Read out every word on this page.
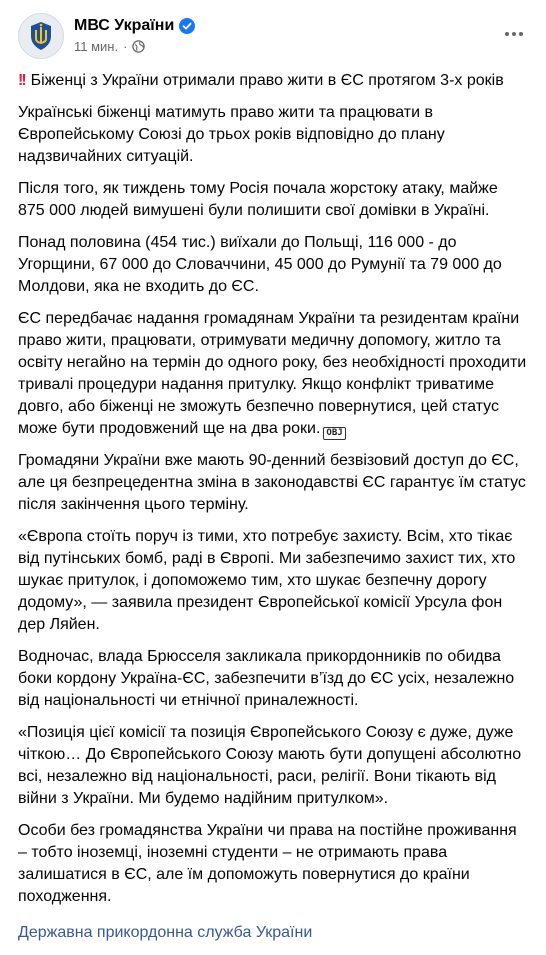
МВС України
11 мин. ·

!! Біженці з України отримали право жити в ЄС протягом 3-х років

Українські біженці матимуть право жити та працювати в Європейському Союзі до трьох років відповідно до плану надзвичайних ситуацій.

Після того, як тиждень тому Росія почала жорстоку атаку, майже 875 000 людей вимушені були полишити свої домівки в Україні.

Понад половина (454 тис.) виїхали до Польщі, 116 000 - до Угорщини, 67 000 до Словаччини, 45 000 до Румунії та 79 000 до Молдови, яка не входить до ЄС.

ЄС передбачає надання громадянам України та резидентам країни право жити, працювати, отримувати медичну допомогу, житло та освіту негайно на термін до одного року, без необхідності проходити тривалі процедури надання притулку. Якщо конфлікт триватиме довго, або біженці не зможуть безпечно повернутися, цей статус може бути продовжений ще на два роки. OBJ

Громадяни України вже мають 90-денний безвізовий доступ до ЄС, але ця безпрецедентна зміна в законодавстві ЄС гарантує їм статус після закінчення цього терміну.

«Європа стоїть поруч із тими, хто потребує захисту. Всім, хто тікає від путінських бомб, раді в Європі. Ми забезпечимо захист тих, хто шукає притулок, і допоможемо тим, хто шукає безпечну дорогу додому», — заявила президент Європейської комісії Урсула фон дер Ляйен.

Водночас, влада Брюсселя закликала прикордонників по обидва боки кордону Україна-ЄС, забезпечити в’їзд до ЄС усіх, незалежно від національності чи етнічної приналежності.

«Позиція цієї комісії та позиція Європейського Союзу є дуже, дуже чіткою… До Європейського Союзу мають бути допущені абсолютно всі, незалежно від національності, раси, релігії. Вони тікають від війни з України. Ми будемо надійним притулком».

Особи без громадянства України чи права на постійне проживання – тобто іноземці, іноземні студенти – не отримають права залишатися в ЄС, але їм допоможуть повернутися до країни походження.

Державна прикордонна служба України
